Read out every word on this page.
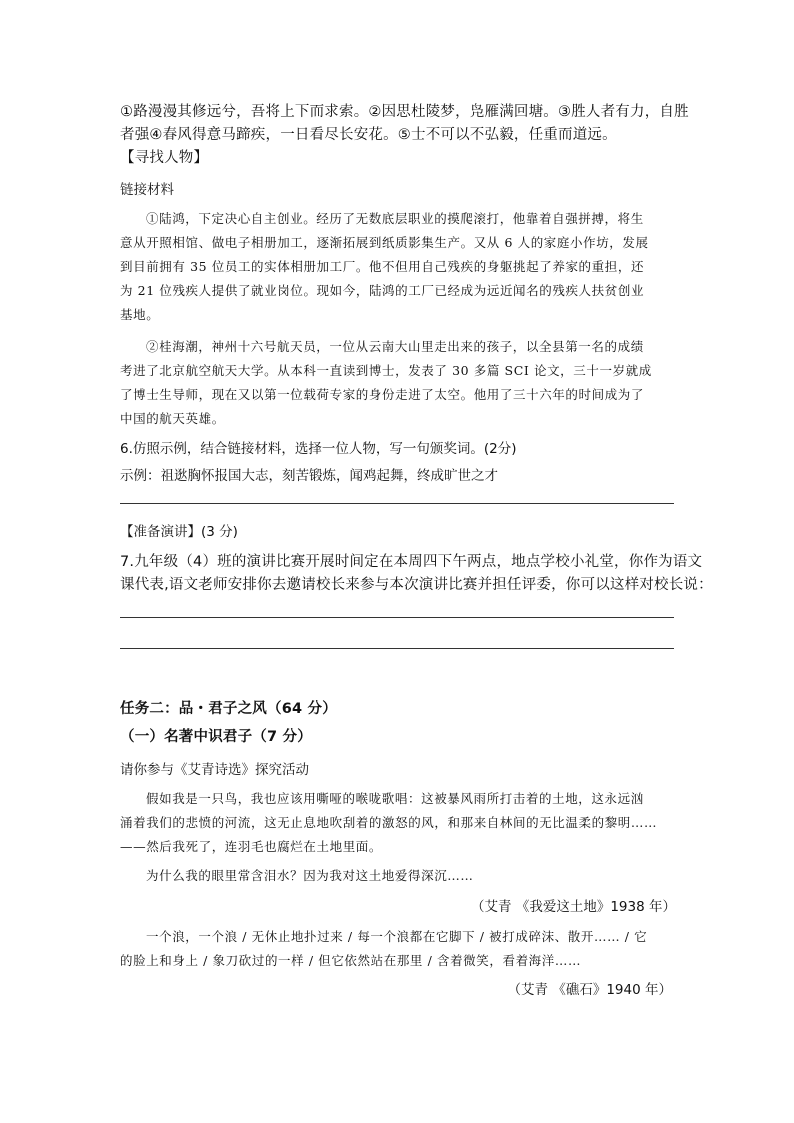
①路漫漫其修远兮，吾将上下而求索。②因思杜陵梦，凫雁满回塘。③胜人者有力，自胜
者强④春风得意马蹄疾，一日看尽长安花。⑤士不可以不弘毅，任重而道远。
【寻找人物】
链接材料
①陆鸿，下定决心自主创业。经历了无数底层职业的摸爬滚打，他靠着自强拼搏，将生
意从开照相馆、做电子相册加工，逐渐拓展到纸质影集生产。又从 6 人的家庭小作坊，发展
到目前拥有 35 位员工的实体相册加工厂。他不但用自己残疾的身躯挑起了养家的重担，还
为 21 位残疾人提供了就业岗位。现如今，陆鸿的工厂已经成为远近闻名的残疾人扶贫创业
基地。
②桂海潮，神州十六号航天员，一位从云南大山里走出来的孩子，以全县第一名的成绩
考进了北京航空航天大学。从本科一直读到博士，发表了 30 多篇 SCI 论文，三十一岁就成
了博士生导师，现在又以第一位载荷专家的身份走进了太空。他用了三十六年的时间成为了
中国的航天英雄。
6.仿照示例，结合链接材料，选择一位人物，写一句颁奖词。(2分)
示例：祖逖胸怀报国大志，刻苦锻炼，闻鸡起舞，终成旷世之才
【准备演讲】(3 分)
7.九年级（4）班的演讲比赛开展时间定在本周四下午两点，地点学校小礼堂，你作为语文
课代表,语文老师安排你去邀请校长来参与本次演讲比赛并担任评委，你可以这样对校长说：
任务二：品・君子之风（64 分）
（一）名著中识君子（7 分）
请你参与《艾青诗选》探究活动
假如我是一只鸟，我也应该用嘶哑的喉咙歌唱：这被暴风雨所打击着的土地，这永远汹
涌着我们的悲愤的河流，这无止息地吹刮着的激怒的风，和那来自林间的无比温柔的黎明……
——然后我死了，连羽毛也腐烂在土地里面。
为什么我的眼里常含泪水？因为我对这土地爱得深沉……
（艾青 《我爱这土地》1938 年）
一个浪，一个浪 / 无休止地扑过来 / 每一个浪都在它脚下 / 被打成碎沫、散开…… / 它
的脸上和身上 / 象刀砍过的一样 / 但它依然站在那里 / 含着微笑，看着海洋……
（艾青 《礁石》1940 年）
